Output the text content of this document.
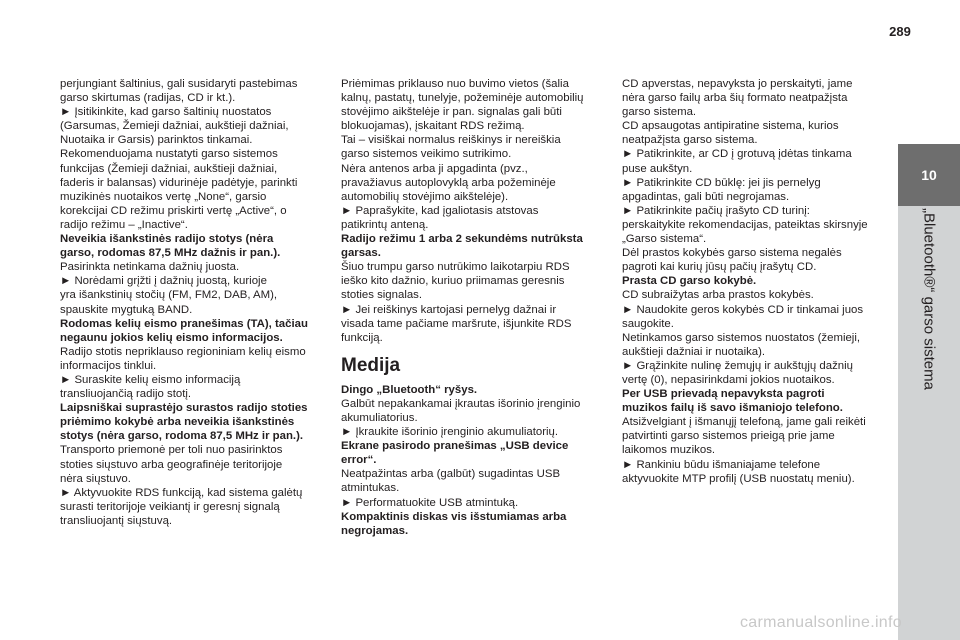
289
10
„Bluetooth®“ garso sistema
perjungiant šaltinius, gali susidaryti pastebimas
garso skirtumas (radijas, CD ir kt.).
► Įsitikinkite, kad garso šaltinių nuostatos
(Garsumas, Žemieji dažniai, aukštieji dažniai,
Nuotaika ir Garsis) parinktos tinkamai.
Rekomenduojama nustatyti garso sistemos
funkcijas (Žemieji dažniai, aukštieji dažniai,
faderis ir balansas) vidurinėje padėtyje, parinkti
muzikinės nuotaikos vertę „None“, garsio
korekcijai CD režimu priskirti vertę „Active“, o
radijo režimu – „Inactive“.
Neveikia išankstinės radijo stotys (nėra
garso, rodomas 87,5 MHz dažnis ir pan.).
Pasirinkta netinkama dažnių juosta.
► Norėdami grįžti į dažnių juostą, kurioje
yra išankstinių stočių (FM, FM2, DAB, AM),
spauskite mygtuką BAND.
Rodomas kelių eismo pranešimas (TA), tačiau
negaunu jokios kelių eismo informacijos.
Radijo stotis nepriklauso regioniniam kelių eismo
informacijos tinklui.
► Suraskite kelių eismo informaciją
transliuojančią radijo stotį.
Laipsniškai suprastėjo surastos radijo stoties
priėmimo kokybė arba neveikia išankstinės
stotys (nėra garso, rodoma 87,5 MHz ir pan.).
Transporto priemonė per toli nuo pasirinktos
stoties siųstuvo arba geografinėje teritorijoje
nėra siųstuvo.
► Aktyvuokite RDS funkciją, kad sistema galėtų
surasti teritorijoje veikiantį ir geresnį signalą
transliuojantį siųstuvą.
Priėmimas priklauso nuo buvimo vietos (šalia
kalnų, pastatų, tunelyje, požeminėje automobilių
stovėjimo aikštelėje ir pan. signalas gali būti
blokuojamas), įskaitant RDS režimą.
Tai – visiškai normalus reiškinys ir nereiškia
garso sistemos veikimo sutrikimo.
Nėra antenos arba ji apgadinta (pvz.,
pravažiavus autoplovyklą arba požeminėje
automobilių stovėjimo aikštelėje).
► Paprašykite, kad įgaliotasis atstovas
patikrintų anteną.
Radijo režimu 1 arba 2 sekundėms nutrūksta
garsas.
Šiuo trumpu garso nutrūkimo laikotarpiu RDS
ieško kito dažnio, kuriuo priimamas geresnis
stoties signalas.
► Jei reiškinys kartojasi pernelyg dažnai ir
visada tame pačiame maršrute, išjunkite RDS
funkciją.
Medija
Dingo „Bluetooth“ ryšys.
Galbūt nepakankamai įkrautas išorinio įrenginio
akumuliatorius.
► Įkraukite išorinio įrenginio akumuliatorių.
Ekrane pasirodo pranešimas „USB device
error“.
Neatpažintas arba (galbūt) sugadintas USB
atmintukas.
► Performatuokite USB atmintuką.
Kompaktinis diskas vis išstumiamas arba
negrojamas.
CD apverstas, nepavyksta jo perskaityti, jame
nėra garso failų arba šių formato neatpažįsta
garso sistema.
CD apsaugotas antipiratine sistema, kurios
neatpažįsta garso sistema.
► Patikrinkite, ar CD į grotuvą įdėtas tinkama
puse aukštyn.
► Patikrinkite CD būklę: jei jis pernelyg
apgadintas, gali būti negrojamas.
► Patikrinkite pačių įrašyto CD turinį:
perskaitykite rekomendacijas, pateiktas skirsnyje
„Garso sistema“.
Dėl prastos kokybės garso sistema negalės
pagroti kai kurių jūsų pačių įrašytų CD.
Prasta CD garso kokybė.
CD subraižytas arba prastos kokybės.
► Naudokite geros kokybės CD ir tinkamai juos
saugokite.
Netinkamos garso sistemos nuostatos (žemieji,
aukštieji dažniai ir nuotaika).
► Grąžinkite nulinę žemųjų ir aukštųjų dažnių
vertę (0), nepasirinkdami jokios nuotaikos.
Per USB prievadą nepavyksta pagroti
muzikos failų iš savo išmaniojo telefono.
Atsižvelgiant į išmanųjį telefoną, jame gali reikėti
patvirtinti garso sistemos prieigą prie jame
laikomos muzikos.
► Rankiniu būdu išmaniajame telefone
aktyvuokite MTP profilį (USB nuostatų meniu).
carmanualsonline.info
